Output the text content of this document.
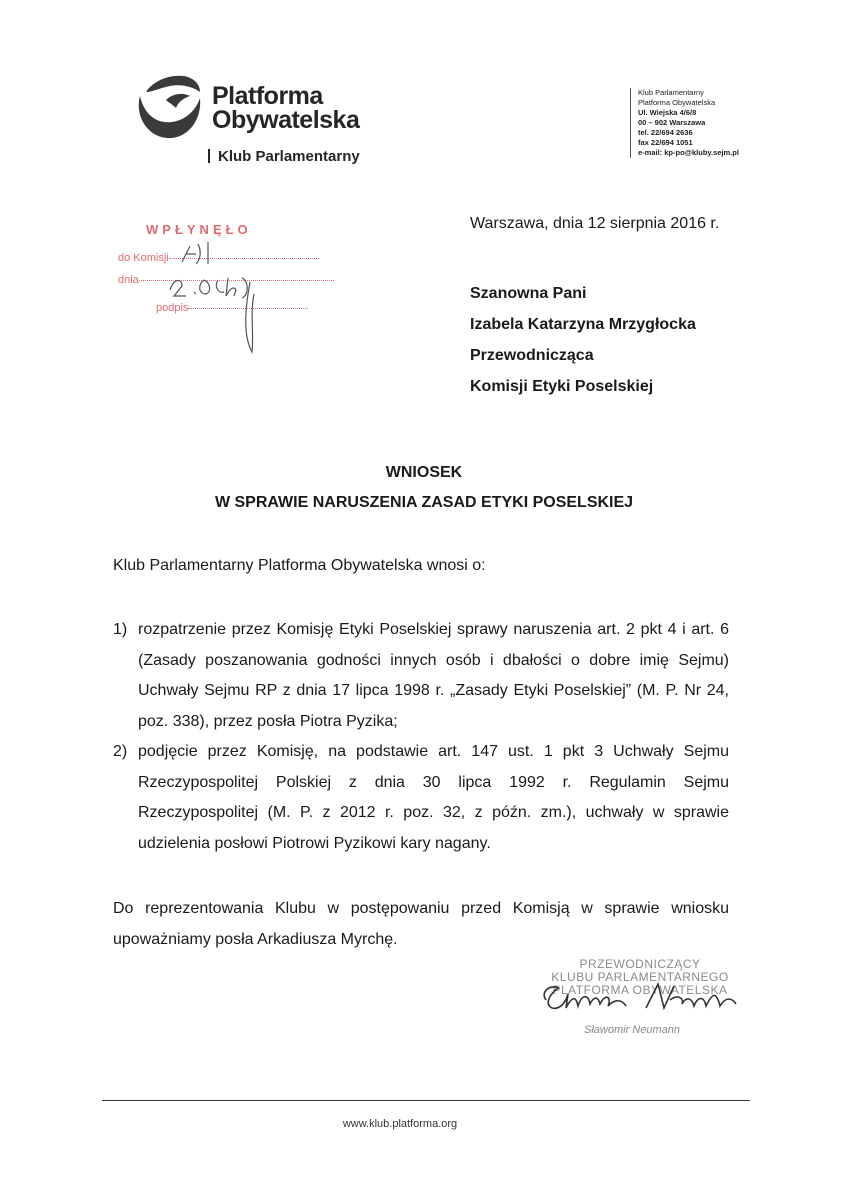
Platforma
Obywatelska
Klub Parlamentarny
Klub Parlamentarny
Platforma Obywatelska
Ul. Wiejska 4/6/8
00 – 902 Warszawa
tel. 22/694 2636
fax 22/694 1051
e-mail: kp-po@kluby.sejm.pl
WPŁYNĘŁO
do Komisji
dnia
podpis
Warszawa, dnia 12 sierpnia 2016 r.
Szanowna Pani
Izabela Katarzyna Mrzygłocka
Przewodnicząca
Komisji Etyki Poselskiej
WNIOSEK
W SPRAWIE NARUSZENIA ZASAD ETYKI POSELSKIEJ
Klub Parlamentarny Platforma Obywatelska wnosi o:
1) rozpatrzenie przez Komisję Etyki Poselskiej sprawy naruszenia art. 2 pkt 4 i art. 6 (Zasady poszanowania godności innych osób i dbałości o dobre imię Sejmu) Uchwały Sejmu RP z dnia 17 lipca 1998 r. „Zasady Etyki Poselskiej” (M. P. Nr 24, poz. 338), przez posła Piotra Pyzika;
2) podjęcie przez Komisję, na podstawie art. 147 ust. 1 pkt 3 Uchwały Sejmu Rzeczypospolitej Polskiej z dnia 30 lipca 1992 r. Regulamin Sejmu Rzeczypospolitej (M. P. z 2012 r. poz. 32, z późn. zm.), uchwały w sprawie udzielenia posłowi Piotrowi Pyzikowi kary nagany.
Do reprezentowania Klubu w postępowaniu przed Komisją w sprawie wniosku upoważniamy posła Arkadiusza Myrchę.
PRZEWODNICZĄCY
KLUBU PARLAMENTARNEGO
PLATFORMA OBYWATELSKA
Sławomir Neumann
www.klub.platforma.org
